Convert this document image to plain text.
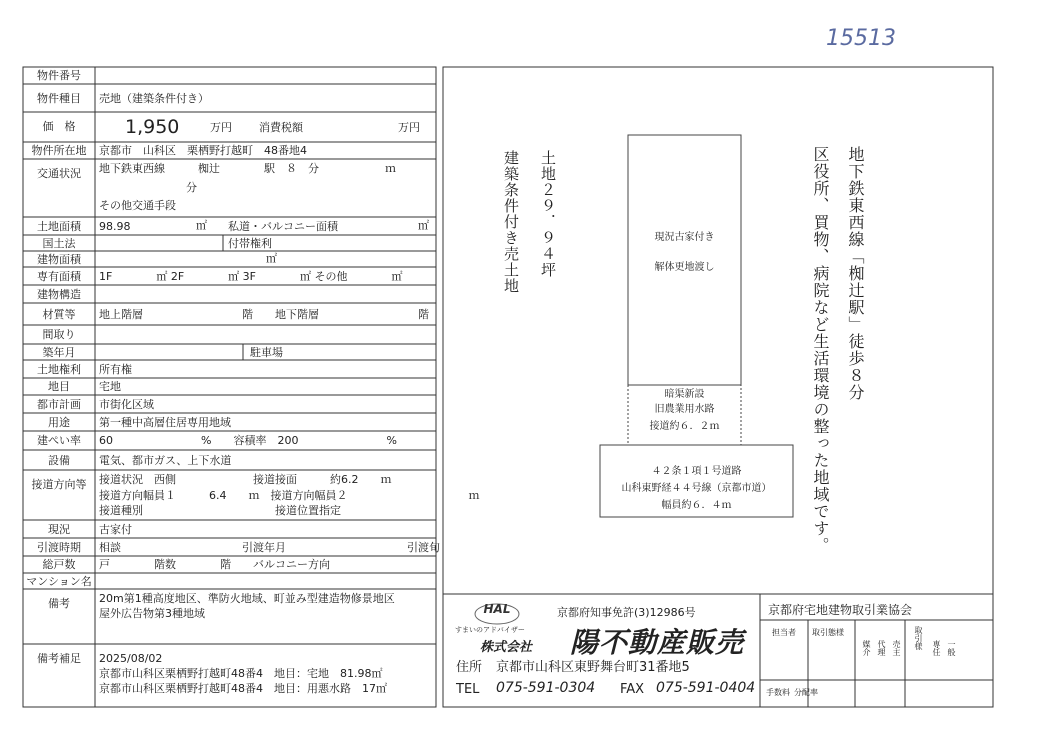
15513
物件番号
物件種目	売地（建築条件付き）
価　格	1,950	万円 消費税額	万円
物件所在地	京都市　山科区　栗栖野打越町　48番地4
交通状況	地下鉄東西線　　　椥辻　　　　駅　８　分　　　　　　ｍ
分
その他交通手段
土地面積	98.98	㎡ 私道・バルコニー面積	㎡
国土法	付帯権利
建物面積	㎡
専有面積	1F　　　　㎡ 2F　　　　㎡ 3F　　　　㎡ その他　　　　㎡
建物構造
材質等	地上階層　　　　　　　　　階　　地下階層　　　　　　　　　階
間取り
築年月	駐車場
土地権利	所有権
地目	宅地
都市計画	市街化区域
用途	第一種中高層住居専用地域
建ぺい率	60　　　　　　　　%　　容積率　200　　　　　　　　%
設備	電気、都市ガス、上下水道
接道方向等	接道状況　西側　　　　　　　接道接面　　　約6.2　　ｍ
接道方向幅員１　　　6.4　　ｍ　接道方向幅員２　　　　　　　　　　　ｍ
接道種別　　　　　　　　　　　　接道位置指定
現況	古家付
引渡時期	相談　　　　　　　　　　　引渡年月　　　　　　　　　　　引渡旬
総戸数	戸　　　　階数　　　　階　　バルコニー方向
マンション名
備考	20m第1種高度地区、準防火地域、町並み型建造物修景地区
屋外広告物第3種地域
備考補足	2025/08/02
京都市山科区栗栖野打越町48番4　地目：宅地　81.98㎡
京都市山科区栗栖野打越町48番4　地目：用悪水路　17㎡
地下鉄東西線「椥辻駅」徒歩８分
区役所、買物、病院など生活環境の整った地域です。
土地２９．９４坪
建築条件付き売土地	現況古家付き
解体更地渡し
暗渠新設
旧農業用水路
接道約６．２ｍ
４２条１項１号道路
山科東野経４４号線（京都市道）
幅員約６．４ｍ
HAL
すまいのアドバイザー
京都府知事免許(3)12986号	京都府宅地建物取引業協会
株式会社 陽不動産販売
住所 京都市山科区東野舞台町31番地5
TEL 075-591-0304 FAX 075-591-0404
担当者 取引態様
媒介 代理 売主 取引様 専任 一般
手数料 分配率
